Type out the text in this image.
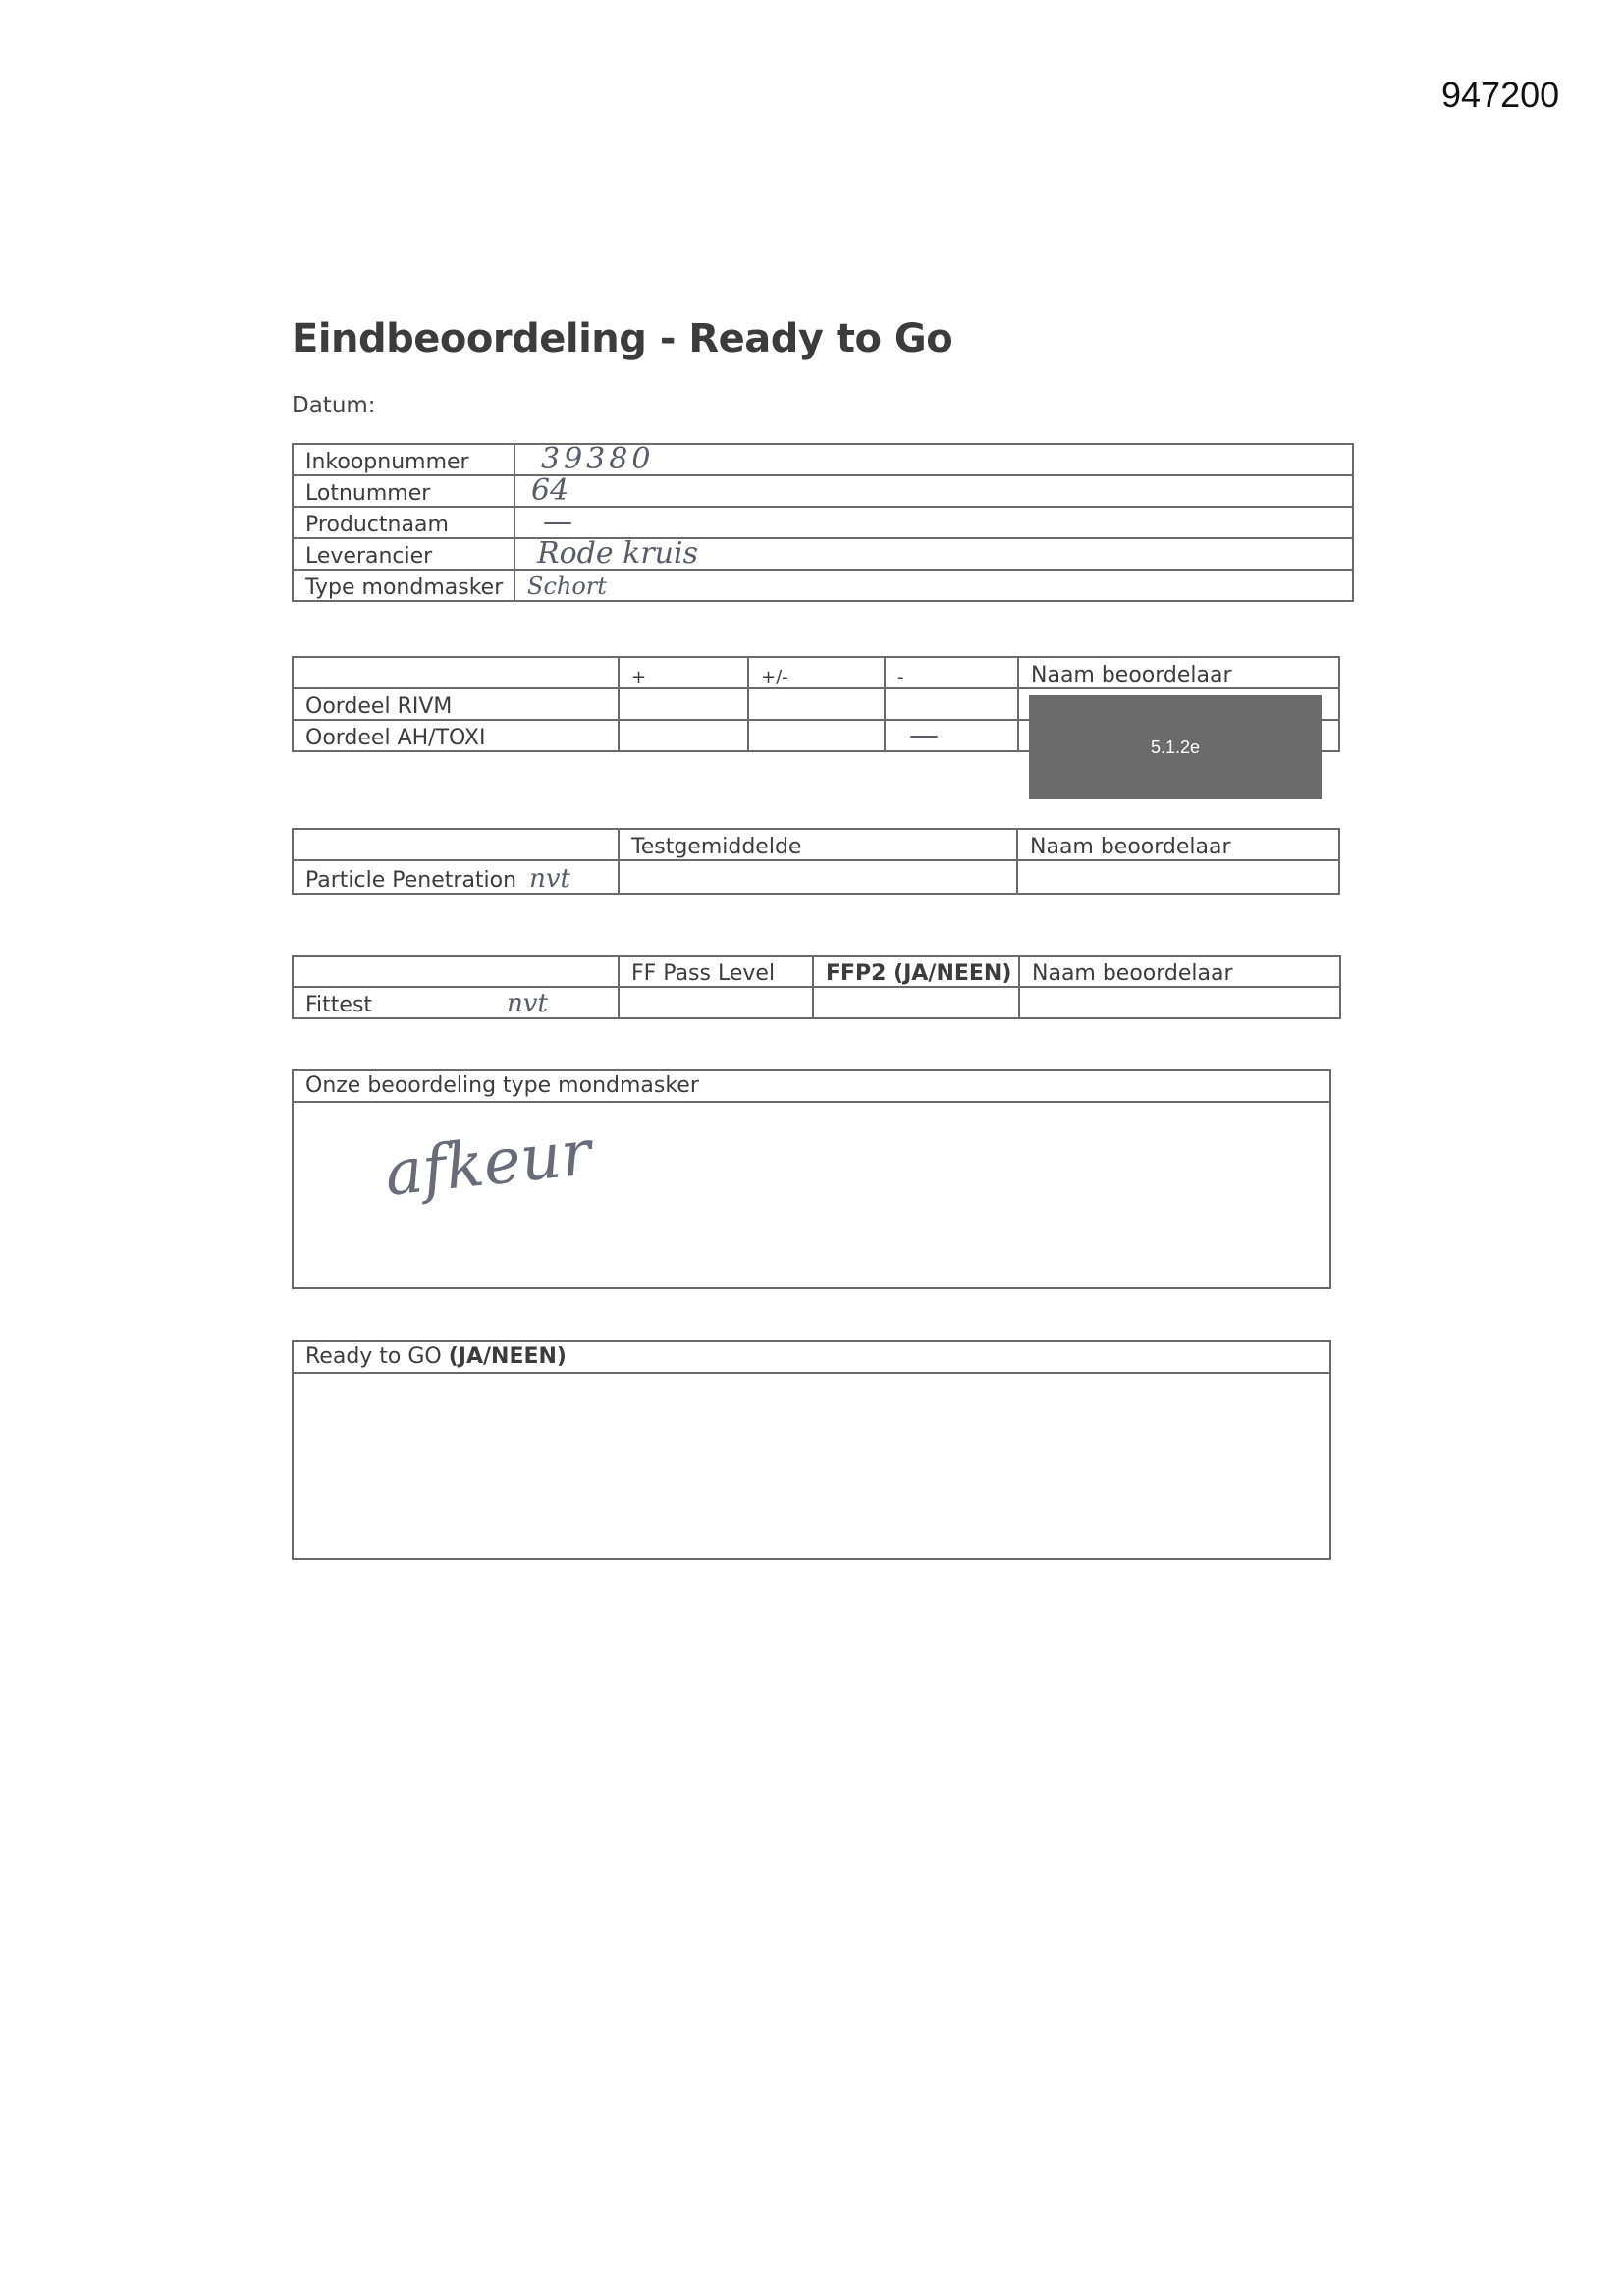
947200
Eindbeoordeling - Ready to Go
Datum:
Inkoopnummer	39380
Lotnummer	64
Productnaam	—
Leverancier	Rode kruis
Type mondmasker	Schort
	+	+/-	-	Naam beoordelaar
Oordeel RIVM				
Oordeel AH/TOXI			—		5.1.2e
	Testgemiddelde	Naam beoordelaar
Particle Penetration nvt		
	FF Pass Level	FFP2 (JA/NEEN)	Naam beoordelaar
Fittest nvt			
Onze beoordeling type mondmasker
afkeur
Ready to GO (JA/NEEN)
